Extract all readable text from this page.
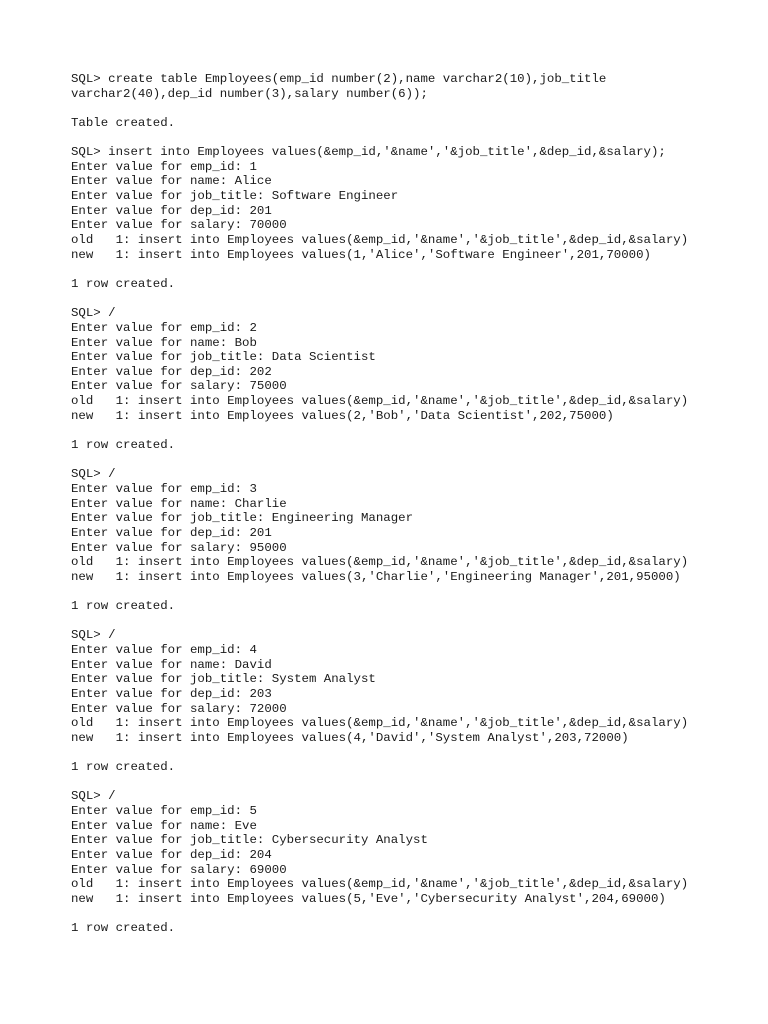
SQL> create table Employees(emp_id number(2),name varchar2(10),job_title
varchar2(40),dep_id number(3),salary number(6));
Table created.
SQL> insert into Employees values(&emp_id,'&name','&job_title',&dep_id,&salary);
Enter value for emp_id: 1
Enter value for name: Alice
Enter value for job_title: Software Engineer
Enter value for dep_id: 201
Enter value for salary: 70000
old   1: insert into Employees values(&emp_id,'&name','&job_title',&dep_id,&salary)
new   1: insert into Employees values(1,'Alice','Software Engineer',201,70000)
1 row created.
SQL> /
Enter value for emp_id: 2
Enter value for name: Bob
Enter value for job_title: Data Scientist
Enter value for dep_id: 202
Enter value for salary: 75000
old   1: insert into Employees values(&emp_id,'&name','&job_title',&dep_id,&salary)
new   1: insert into Employees values(2,'Bob','Data Scientist',202,75000)
1 row created.
SQL> /
Enter value for emp_id: 3
Enter value for name: Charlie
Enter value for job_title: Engineering Manager
Enter value for dep_id: 201
Enter value for salary: 95000
old   1: insert into Employees values(&emp_id,'&name','&job_title',&dep_id,&salary)
new   1: insert into Employees values(3,'Charlie','Engineering Manager',201,95000)
1 row created.
SQL> /
Enter value for emp_id: 4
Enter value for name: David
Enter value for job_title: System Analyst
Enter value for dep_id: 203
Enter value for salary: 72000
old   1: insert into Employees values(&emp_id,'&name','&job_title',&dep_id,&salary)
new   1: insert into Employees values(4,'David','System Analyst',203,72000)
1 row created.
SQL> /
Enter value for emp_id: 5
Enter value for name: Eve
Enter value for job_title: Cybersecurity Analyst
Enter value for dep_id: 204
Enter value for salary: 69000
old   1: insert into Employees values(&emp_id,'&name','&job_title',&dep_id,&salary)
new   1: insert into Employees values(5,'Eve','Cybersecurity Analyst',204,69000)
1 row created.
